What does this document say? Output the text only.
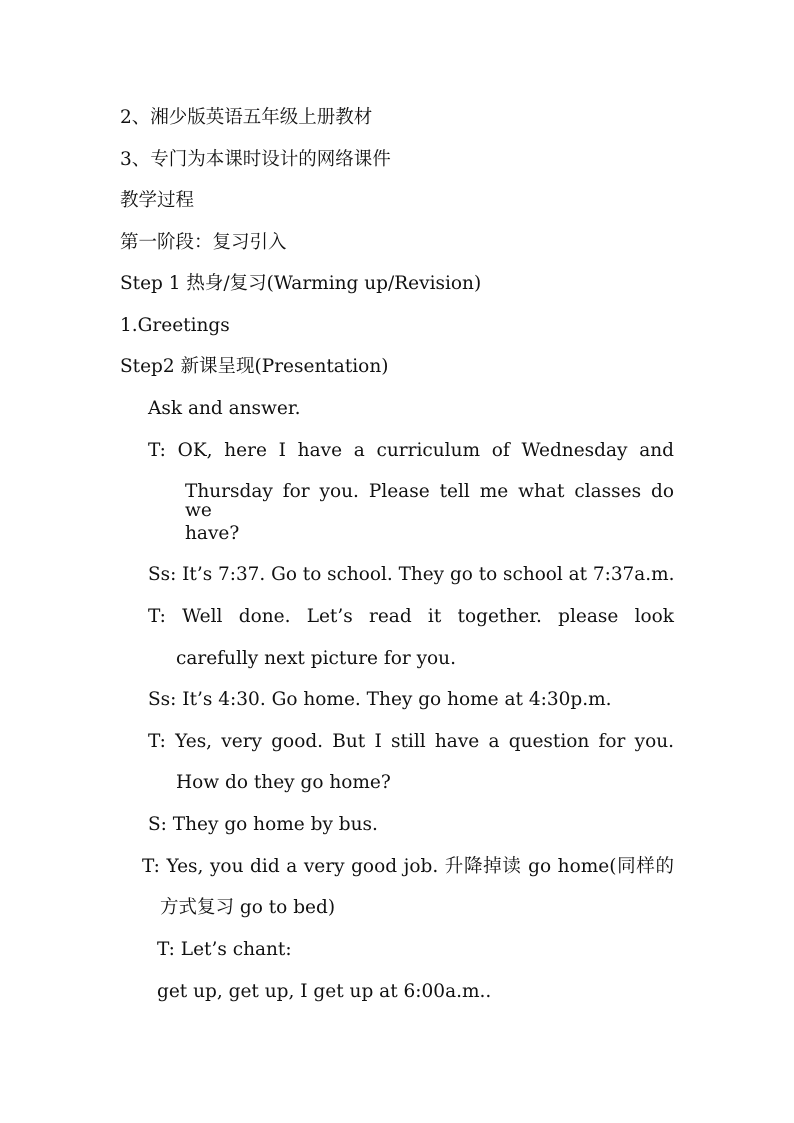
2、湘少版英语五年级上册教材
3、专门为本课时设计的网络课件
教学过程
第一阶段：复习引入
Step 1 热身/复习(Warming up/Revision)
1.Greetings
Step2 新课呈现(Presentation)
Ask and answer.
T: OK, here I have a curriculum of Wednesday and
Thursday for you. Please tell me what classes do we
have?
Ss: It’s 7:37. Go to school. They go to school at 7:37a.m.
T: Well done. Let’s read it together. please look
carefully next picture for you.
Ss: It’s 4:30. Go home. They go home at 4:30p.m.
T: Yes, very good. But I still have a question for you.
How do they go home?
S: They go home by bus.
T: Yes, you did a very good job. 升降掉读 go home(同样的
方式复习 go to bed)
T: Let’s chant:
get up, get up, I get up at 6:00a.m..
